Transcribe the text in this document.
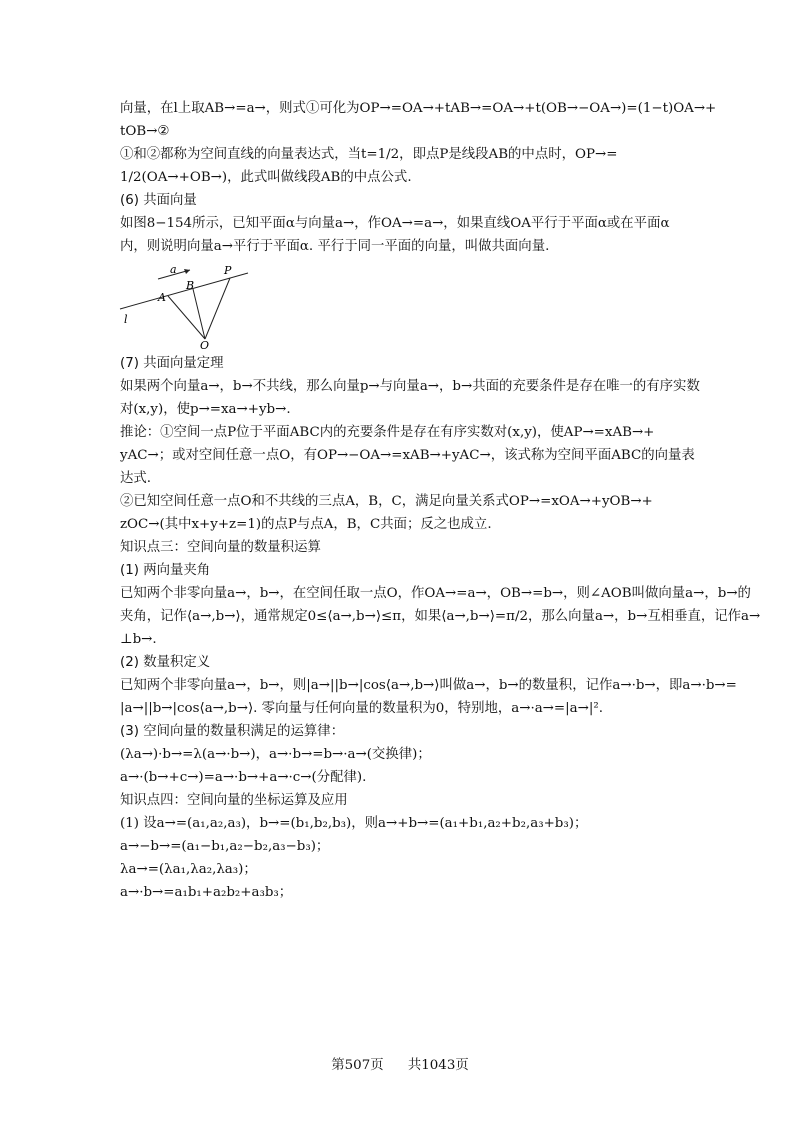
向量，在l上取AB→=a→，则式①可化为OP→=OA→+tAB→=OA→+t(OB→−OA→)=(1−t)OA→+

tOB→②

①和②都称为空间直线的向量表达式，当t=1/2，即点P是线段AB的中点时，OP→=

1/2(OA→+OB→)，此式叫做线段AB的中点公式.

(6) 共面向量

如图8−154所示，已知平面α与向量a→，作OA→=a→，如果直线OA平行于平面α或在平面α

内，则说明向量a→平行于平面α. 平行于同一平面的向量，叫做共面向量.

a
A
B
P
l
O

(7) 共面向量定理

如果两个向量a→，b→不共线，那么向量p→与向量a→，b→共面的充要条件是存在唯一的有序实数

对(x,y)，使p→=xa→+yb→.

推论：①空间一点P位于平面ABC内的充要条件是存在有序实数对(x,y)，使AP→=xAB→+

yAC→；或对空间任意一点O，有OP→−OA→=xAB→+yAC→，该式称为空间平面ABC的向量表

达式.

②已知空间任意一点O和不共线的三点A，B，C，满足向量关系式OP→=xOA→+yOB→+

zOC→(其中x+y+z=1)的点P与点A，B，C共面；反之也成立.

知识点三：空间向量的数量积运算

(1) 两向量夹角

已知两个非零向量a→，b→，在空间任取一点O，作OA→=a→，OB→=b→，则∠AOB叫做向量a→，b→的

夹角，记作⟨a→,b→⟩，通常规定0≤⟨a→,b→⟩≤π，如果⟨a→,b→⟩=π/2，那么向量a→，b→互相垂直，记作a→

⊥b→.

(2) 数量积定义

已知两个非零向量a→，b→，则|a→||b→|cos⟨a→,b→⟩叫做a→，b→的数量积，记作a→·b→，即a→·b→=

|a→||b→|cos⟨a→,b→⟩. 零向量与任何向量的数量积为0，特别地，a→·a→=|a→|².

(3) 空间向量的数量积满足的运算律：

(λa→)·b→=λ(a→·b→)，a→·b→=b→·a→(交换律)；

a→·(b→+c→)=a→·b→+a→·c→(分配律).

知识点四：空间向量的坐标运算及应用

(1) 设a→=(a₁,a₂,a₃)，b→=(b₁,b₂,b₃)，则a→+b→=(a₁+b₁,a₂+b₂,a₃+b₃)；

a→−b→=(a₁−b₁,a₂−b₂,a₃−b₃)；

λa→=(λa₁,λa₂,λa₃)；

a→·b→=a₁b₁+a₂b₂+a₃b₃；

第507页 共1043页
